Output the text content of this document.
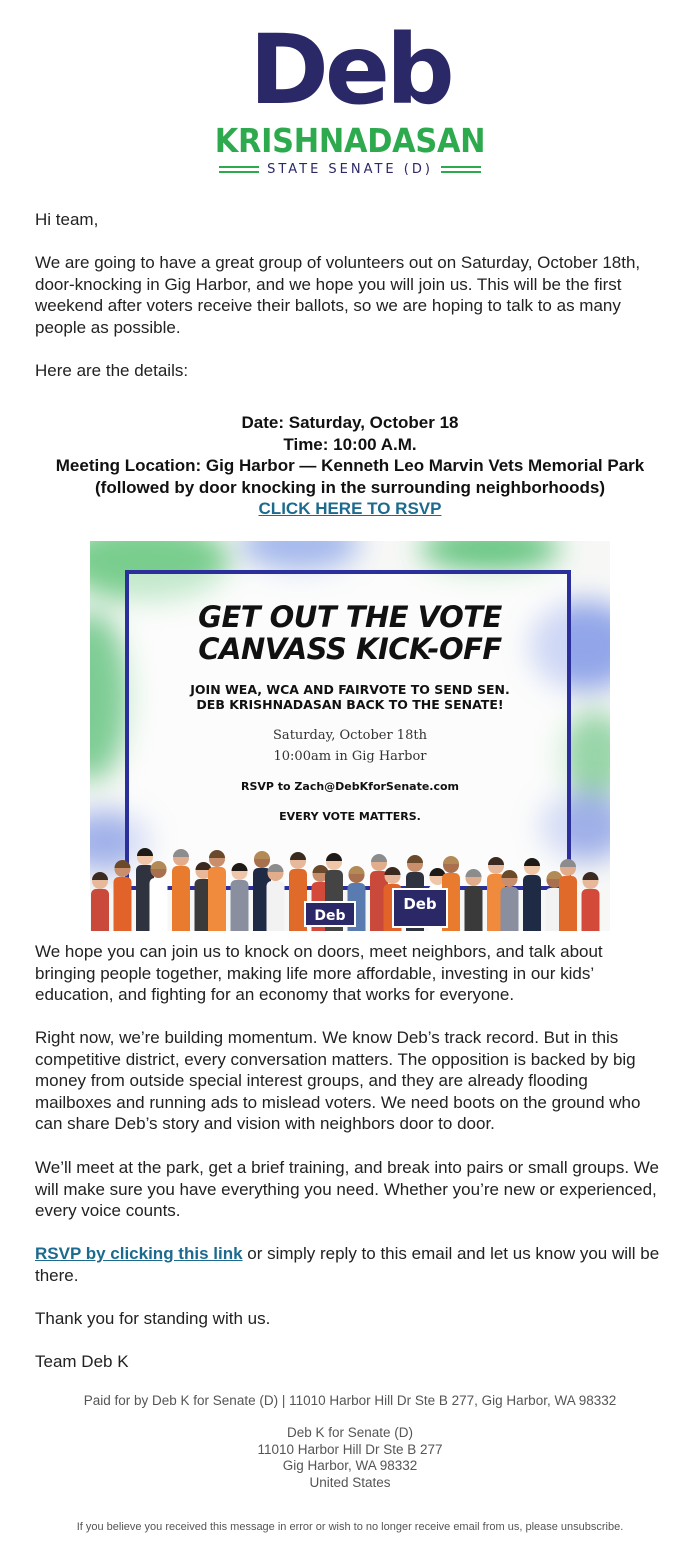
Deb
KRISHNADASAN
STATE SENATE (D)

Hi team,

We are going to have a great group of volunteers out on Saturday, October 18th, door-knocking in Gig Harbor, and we hope you will join us. This will be the first weekend after voters receive their ballots, so we are hoping to talk to as many people as possible.

Here are the details:

Date: Saturday, October 18
Time: 10:00 A.M.
Meeting Location: Gig Harbor — Kenneth Leo Marvin Vets Memorial Park
(followed by door knocking in the surrounding neighborhoods)
CLICK HERE TO RSVP
GET OUT THE VOTE
CANVASS KICK-OFF
JOIN WEA, WCA AND FAIRVOTE TO SEND SEN.
DEB KRISHNADASAN BACK TO THE SENATE!
Saturday, October 18th
10:00am in Gig Harbor
RSVP to Zach@DebKforSenate.com
EVERY VOTE MATTERS.
Deb
Deb

We hope you can join us to knock on doors, meet neighbors, and talk about bringing people together, making life more affordable, investing in our kids’ education, and fighting for an economy that works for everyone.

Right now, we’re building momentum. We know Deb’s track record. But in this competitive district, every conversation matters. The opposition is backed by big money from outside special interest groups, and they are already flooding mailboxes and running ads to mislead voters. We need boots on the ground who can share Deb’s story and vision with neighbors door to door.

We’ll meet at the park, get a brief training, and break into pairs or small groups. We will make sure you have everything you need. Whether you’re new or experienced, every voice counts.

RSVP by clicking this link or simply reply to this email and let us know you will be there.

Thank you for standing with us.

Team Deb K

Paid for by Deb K for Senate (D) | 11010 Harbor Hill Dr Ste B 277, Gig Harbor, WA 98332
Deb K for Senate (D)
11010 Harbor Hill Dr Ste B 277
Gig Harbor, WA 98332
United States
If you believe you received this message in error or wish to no longer receive email from us, please unsubscribe.
